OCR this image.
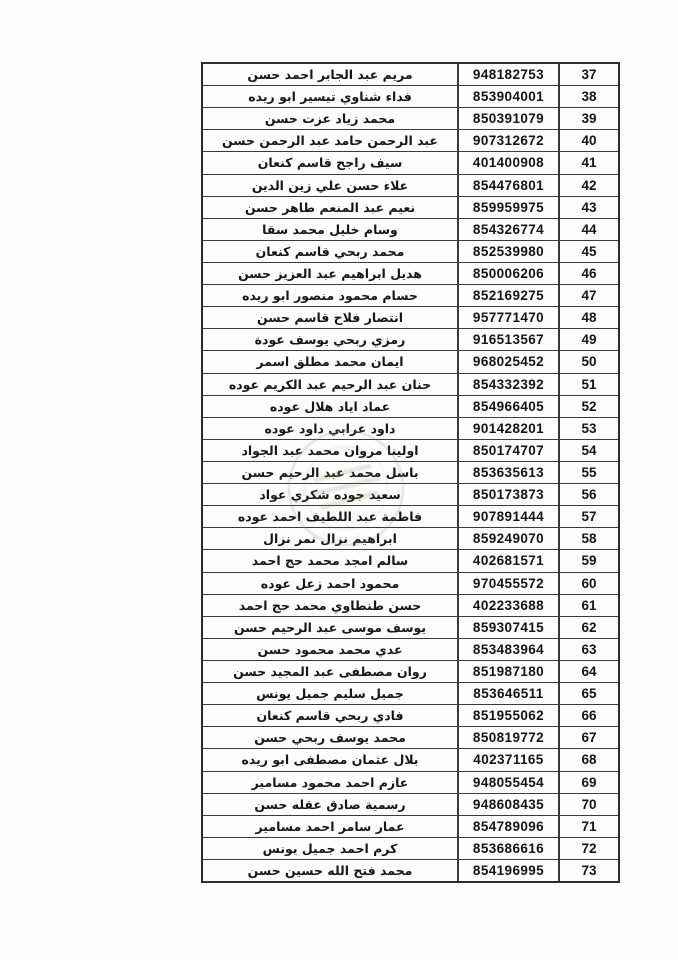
مريم عبد الجابر احمد حسن	948182753	37
فداء شناوي تيسير ابو ريده	853904001	38
محمد زياد عزت حسن	850391079	39
عبد الرحمن حامد عبد الرحمن حسن	907312672	40
سيف راجح قاسم كنعان	401400908	41
علاء حسن علي زين الدين	854476801	42
نعيم عبد المنعم طاهر حسن	859959975	43
وسام خليل محمد سقا	854326774	44
محمد ربحي قاسم كنعان	852539980	45
هديل ابراهيم عبد العزيز حسن	850006206	46
حسام محمود منصور ابو ريده	852169275	47
انتصار فلاح قاسم حسن	957771470	48
رمزي ربحي يوسف عودة	916513567	49
ايمان محمد مطلق اسمر	968025452	50
حنان عبد الرحيم عبد الكريم عوده	854332392	51
عماد اياد هلال عوده	854966405	52
داود عرابي داود عوده	901428201	53
اولينا مروان محمد عبد الجواد	850174707	54
باسل محمد عبد الرحيم حسن	853635613	55
سعيد جوده شكري عواد	850173873	56
فاطمة عبد اللطيف احمد عوده	907891444	57
ابراهيم نزال نمر نزال	859249070	58
سالم امجد محمد حج احمد	402681571	59
محمود احمد زعل عوده	970455572	60
حسن طنطاوي محمد حج احمد	402233688	61
يوسف موسى عبد الرحيم حسن	859307415	62
عدي محمد محمود حسن	853483964	63
روان مصطفى عبد المجيد حسن	851987180	64
جميل سليم جميل يونس	853646511	65
فادي ربحي قاسم كنعان	851955062	66
محمد يوسف ربحي حسن	850819772	67
بلال عثمان مصطفى ابو ريده	402371165	68
عازم احمد محمود مسامير	948055454	69
رسمية صادق عقله حسن	948608435	70
عمار سامر احمد مسامير	854789096	71
كرم احمد جميل يونس	853686616	72
محمد فتح الله حسين حسن	854196995	73
